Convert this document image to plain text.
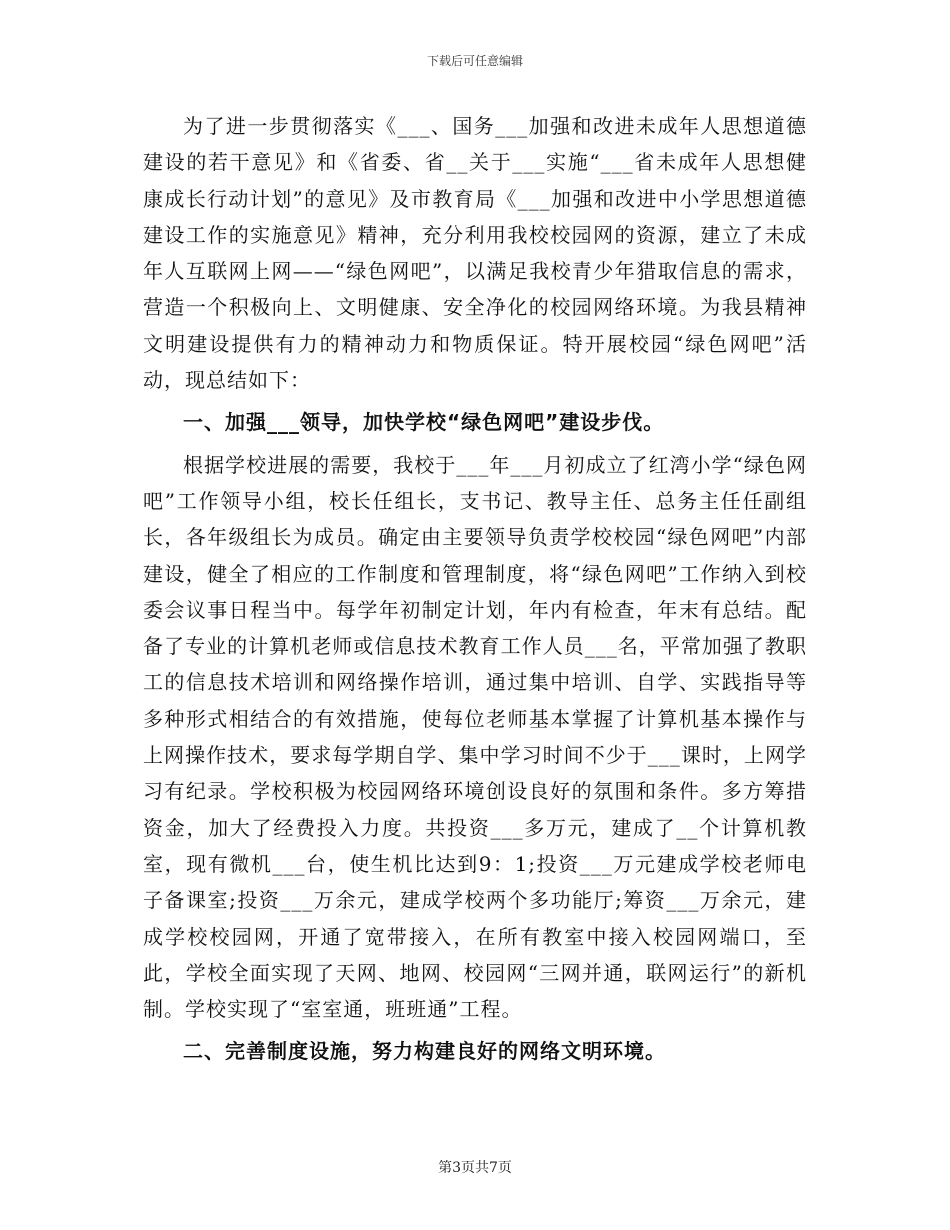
下载后可任意编辑

为了进一步贯彻落实《___、国务___加强和改进未成年人思想道德建设的若干意见》和《省委、省__关于___实施“___省未成年人思想健康成长行动计划”的意见》及市教育局《___加强和改进中小学思想道德建设工作的实施意见》精神，充分利用我校校园网的资源，建立了未成年人互联网上网——“绿色网吧”，以满足我校青少年猎取信息的需求，营造一个积极向上、文明健康、安全净化的校园网络环境。为我县精神文明建设提供有力的精神动力和物质保证。特开展校园“绿色网吧”活动，现总结如下：

一、加强___领导，加快学校“绿色网吧”建设步伐。

根据学校进展的需要，我校于___年___月初成立了红湾小学“绿色网吧”工作领导小组，校长任组长，支书记、教导主任、总务主任任副组长，各年级组长为成员。确定由主要领导负责学校校园“绿色网吧”内部建设，健全了相应的工作制度和管理制度，将“绿色网吧”工作纳入到校委会议事日程当中。每学年初制定计划，年内有检查，年末有总结。配备了专业的计算机老师或信息技术教育工作人员___名，平常加强了教职工的信息技术培训和网络操作培训，通过集中培训、自学、实践指导等多种形式相结合的有效措施，使每位老师基本掌握了计算机基本操作与上网操作技术，要求每学期自学、集中学习时间不少于___课时，上网学习有纪录。学校积极为校园网络环境创设良好的氛围和条件。多方筹措资金，加大了经费投入力度。共投资___多万元，建成了__个计算机教室，现有微机___台，使生机比达到9：1;投资___万元建成学校老师电子备课室;投资___万余元，建成学校两个多功能厅;筹资___万余元，建成学校校园网，开通了宽带接入，在所有教室中接入校园网端口，至此，学校全面实现了天网、地网、校园网“三网并通，联网运行”的新机制。学校实现了“室室通，班班通”工程。

二、完善制度设施，努力构建良好的网络文明环境。

第3页共7页
